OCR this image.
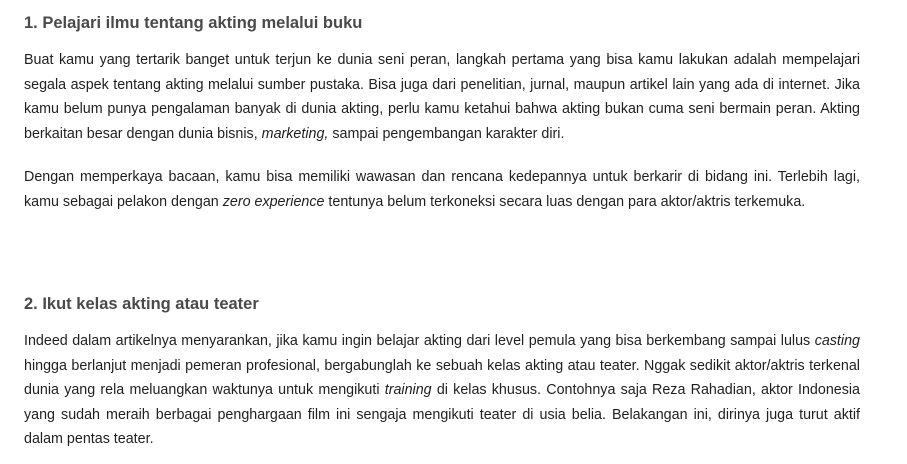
1. Pelajari ilmu tentang akting melalui buku

Buat kamu yang tertarik banget untuk terjun ke dunia seni peran, langkah pertama yang bisa kamu lakukan adalah mempelajari segala aspek tentang akting melalui sumber pustaka. Bisa juga dari penelitian, jurnal, maupun artikel lain yang ada di internet. Jika kamu belum punya pengalaman banyak di dunia akting, perlu kamu ketahui bahwa akting bukan cuma seni bermain peran. Akting berkaitan besar dengan dunia bisnis, marketing, sampai pengembangan karakter diri.

Dengan memperkaya bacaan, kamu bisa memiliki wawasan dan rencana kedepannya untuk berkarir di bidang ini. Terlebih lagi, kamu sebagai pelakon dengan zero experience tentunya belum terkoneksi secara luas dengan para aktor/aktris terkemuka.

2. Ikut kelas akting atau teater

Indeed dalam artikelnya menyarankan, jika kamu ingin belajar akting dari level pemula yang bisa berkembang sampai lulus casting hingga berlanjut menjadi pemeran profesional, bergabunglah ke sebuah kelas akting atau teater. Nggak sedikit aktor/aktris terkenal dunia yang rela meluangkan waktunya untuk mengikuti training di kelas khusus. Contohnya saja Reza Rahadian, aktor Indonesia yang sudah meraih berbagai penghargaan film ini sengaja mengikuti teater di usia belia. Belakangan ini, dirinya juga turut aktif dalam pentas teater.
